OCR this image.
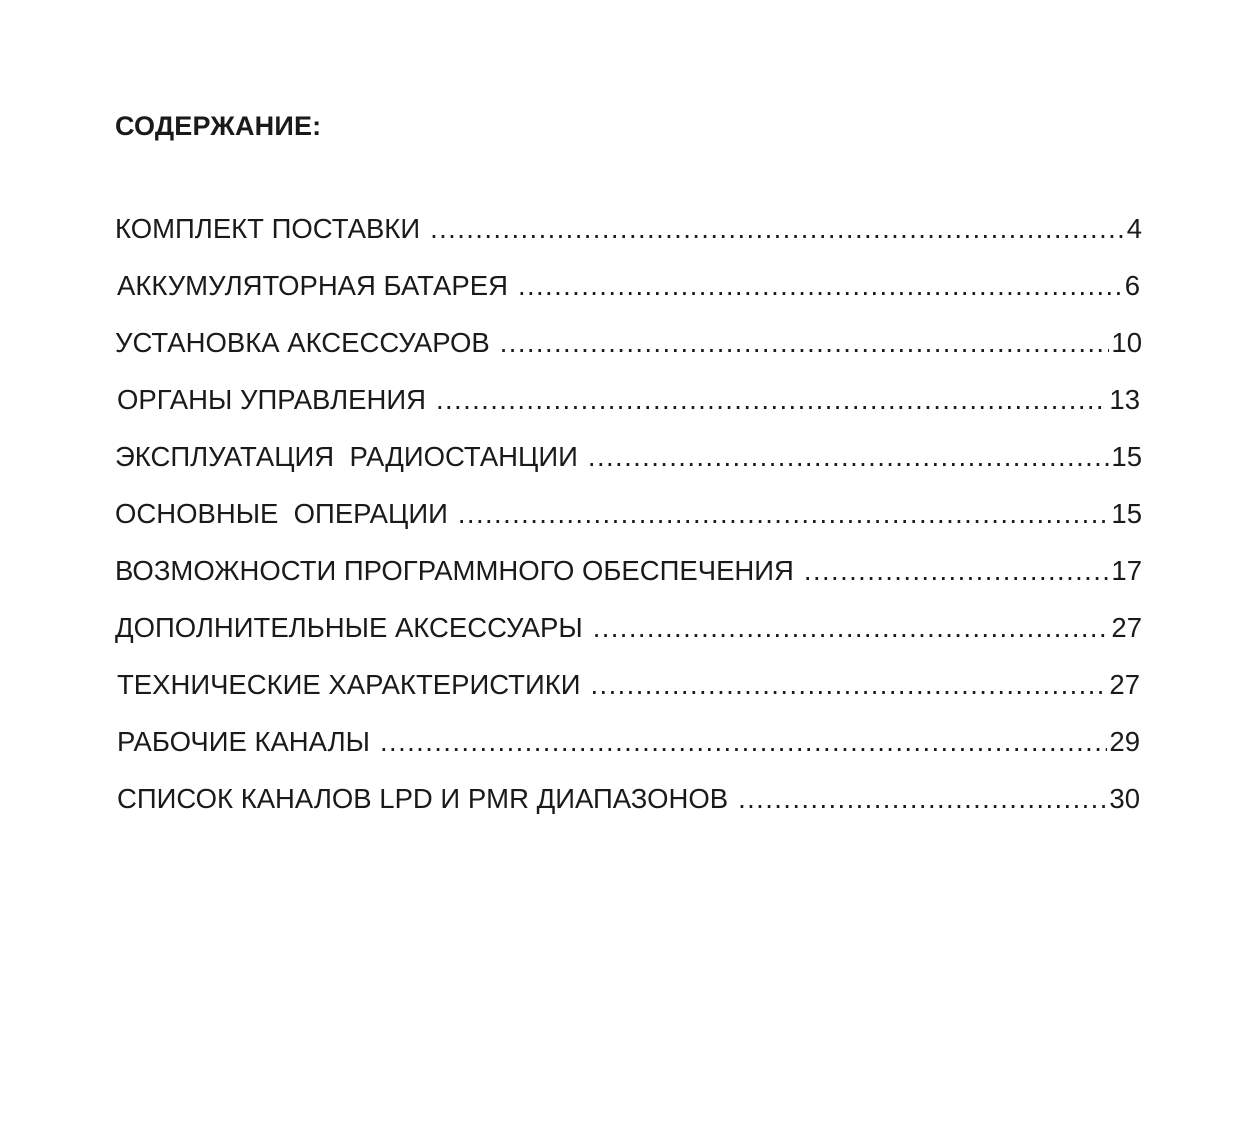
СОДЕРЖАНИЕ:
КОМПЛЕКТ ПОСТАВКИ .....	4
АККУМУЛЯТОРНАЯ БАТАРЕЯ .....	6
УСТАНОВКА АКСЕССУАРОВ .....	10
ОРГАНЫ УПРАВЛЕНИЯ .....	13
ЭКСПЛУАТАЦИЯ  РАДИОСТАНЦИИ .....	15
ОСНОВНЫЕ  ОПЕРАЦИИ .....	15
ВОЗМОЖНОСТИ ПРОГРАММНОГО ОБЕСПЕЧЕНИЯ .....	17
ДОПОЛНИТЕЛЬНЫЕ АКСЕССУАРЫ .....	27
ТЕХНИЧЕСКИЕ ХАРАКТЕРИСТИКИ .....	27
РАБОЧИЕ КАНАЛЫ .....	29
СПИСОК КАНАЛОВ LPD И PMR ДИАПАЗОНОВ .....	30
